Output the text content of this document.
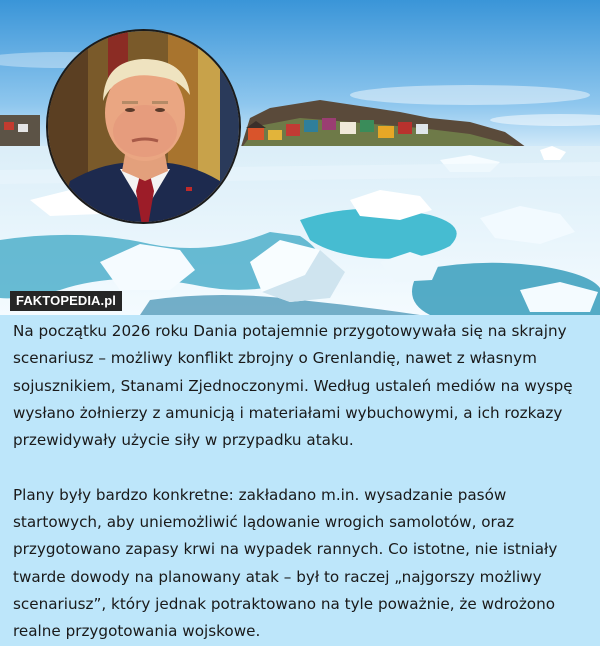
FAKTOPEDIA.pl

Na początku 2026 roku Dania potajemnie przygotowywała się na skrajny scenariusz – możliwy konflikt zbrojny o Grenlandię, nawet z własnym sojusznikiem, Stanami Zjednoczonymi. Według ustaleń mediów na wyspę wysłano żołnierzy z amunicją i materiałami wybuchowymi, a ich rozkazy przewidywały użycie siły w przypadku ataku.

Plany były bardzo konkretne: zakładano m.in. wysadzanie pasów startowych, aby uniemożliwić lądowanie wrogich samolotów, oraz przygotowano zapasy krwi na wypadek rannych. Co istotne, nie istniały twarde dowody na planowany atak – był to raczej „najgorszy możliwy scenariusz”, który jednak potraktowano na tyle poważnie, że wdrożono realne przygotowania wojskowe.
